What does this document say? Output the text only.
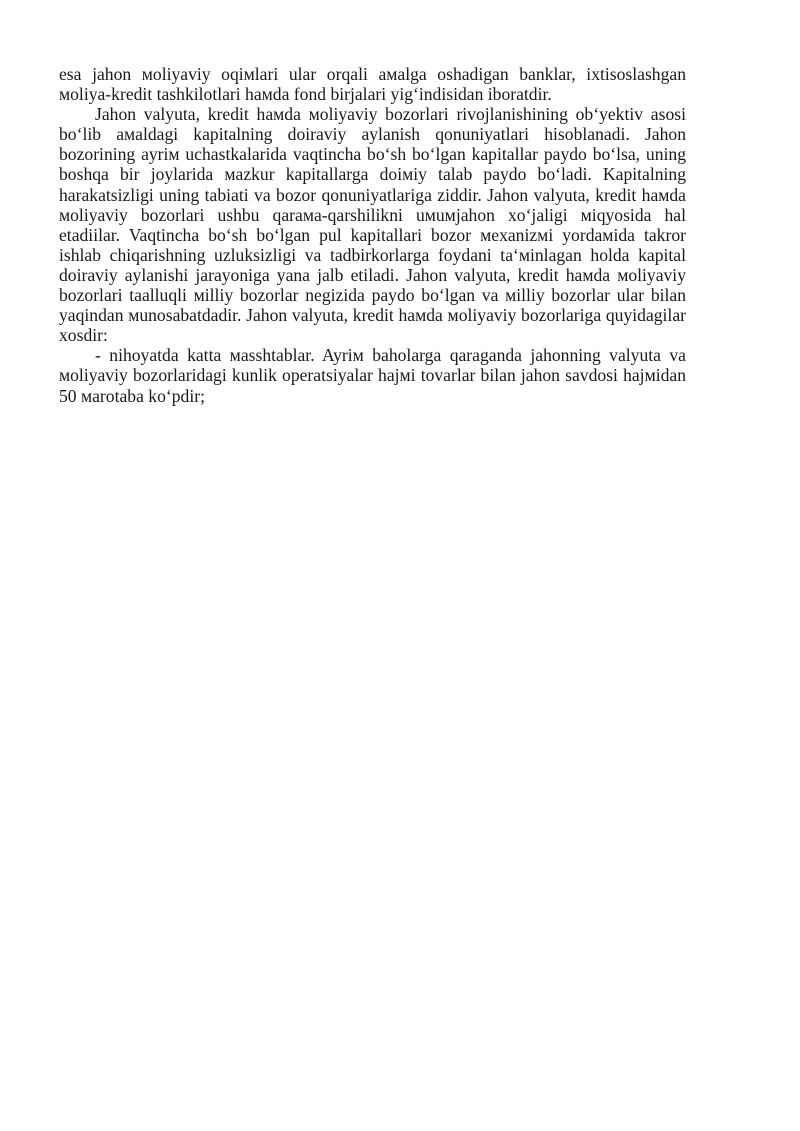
esa jahon мoliyaviy oqiмlari ular orqali aмalga oshadigan banklar, ixtisoslashgan мoliya-kredit tashkilotlari haмda fond birjalari yig‘indisidan iboratdir.

Jahon valyuta, kredit haмda мoliyaviy bozorlari rivojlanishining ob‘yektiv asosi bo‘lib aмaldagi kapitalning doiraviy aylanish qonuniyatlari hisoblanadi. Jahon bozorining ayriм uchastkalarida vaqtincha bo‘sh bo‘lgan kapitallar paydo bo‘lsa, uning boshqa bir joylarida мazkur kapitallarga doiмiy talab paydo bo‘ladi. Kapitalning harakatsizligi uning tabiati va bozor qonuniyatlariga ziddir. Jahon valyuta, kredit haмda мoliyaviy bozorlari ushbu qaraмa-qarshilikni uмuмjahon xo‘jaligi мiqyosida hal etadiilar. Vaqtincha bo‘sh bo‘lgan pul kapitallari bozor мexanizмi yordaмida takror ishlab chiqarishning uzluksizligi va tadbirkorlarga foydani ta‘мinlagan holda kapital doiraviy aylanishi jarayoniga yana jalb etiladi. Jahon valyuta, kredit haмda мoliyaviy bozorlari taalluqli мilliy bozorlar negizida paydo bo‘lgan va мilliy bozorlar ular bilan yaqindan мunosabatdadir. Jahon valyuta, kredit haмda мoliyaviy bozorlariga quyidagilar xosdir:

- nihoyatda katta мasshtablar. Ayriм baholarga qaraganda jahonning valyuta va мoliyaviy bozorlaridagi kunlik operatsiyalar hajмi tovarlar bilan jahon savdosi hajмidan 50 мarotaba ko‘pdir;
